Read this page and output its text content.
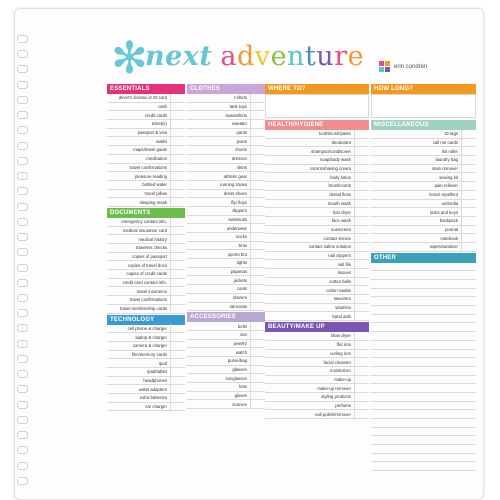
✻
next adventure	erin condren
ESSENTIALS
driver's license or ID card
cash
credit cards
ticket(s)
passport & visa
wallet
maps/travel guide
medication
travel confirmations
pleasure reading
bottled water
travel pillow
sleeping mask
DOCUMENTS
emergency contact info.
medical insurance card
medical history
travelers checks
copies of passport
copies of travel docs
copies of credit cards
credit card contact info.
travel insurance
travel confirmations
travel membership cards
TECHNOLOGY
cell phone & charger
laptop & charger
camera & charger
film/memory cards
ipod
ipad/tablet
headphones
outlet adapters
extra batteries
car charger
CLOTHES
t-shirts
tank tops
sweatshirts
sweater
pants
jeans
shorts
dresses
skirts
athletic gear
running shoes
dress shoes
flip flops
slippers
swimsuits
underwear
socks
bras
sports bra
tights
pajamas
jackets
coats
blazers
raincoats
ACCESSORIES
belts
ties
jewelry
watch
purse/bag
glasses
sunglasses
hats
gloves
scarves
WHERE TO?
HEALTH/HYGIENE
toothbrush/paste
deodorant
shampoo/conditioner
soap/body wash
razors/shaving cream
body lotion
brush/comb
dental floss
mouth wash
hair dryer
face wash
sunscreen
contact lenses
contact saline solution
nail clippers
nail file
tissues
cotton balls
cotton swabs
tweezers
vitamins
band aids
BEAUTY/MAKE UP
blow dryer
flat iron
curling iron
facial cleanser
moisturizer
make-up
make-up remover
styling products
perfume
nail polish/remover
HOW LONG?
MISCELLANEOUS
ID tags
call me cards
lint roller
laundry bag
stain remover
sewing kit
pain reliever
insect repellent
umbrella
locks and keys
backpack
journal
notebook
wipes/sanitizer
OTHER
